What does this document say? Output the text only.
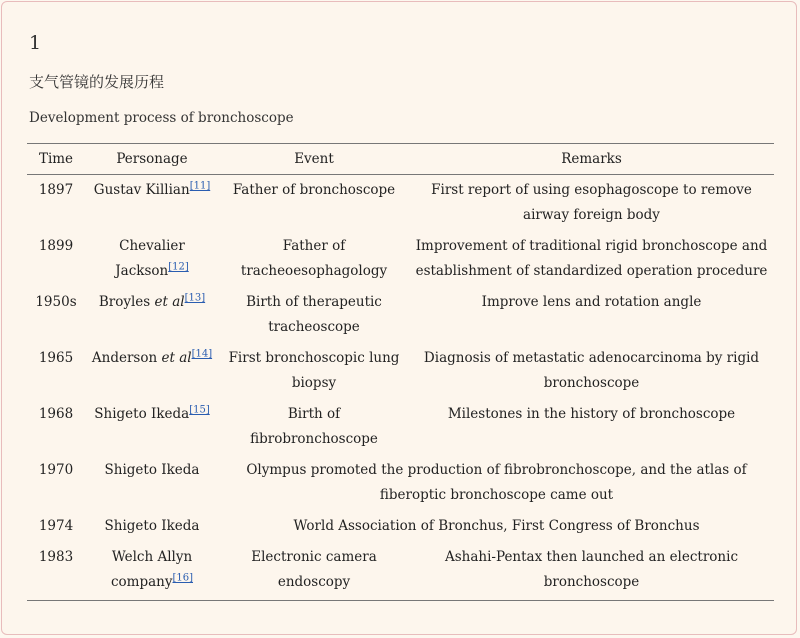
1
支气管镜的发展历程
Development process of bronchoscope
Time	Personage	Event	Remarks
1897	Gustav Killian[11]	Father of bronchoscope	First report of using esophagoscope to remove airway foreign body
1899	Chevalier Jackson[12]	Father of tracheoesophagology	Improvement of traditional rigid bronchoscope and establishment of standardized operation procedure
1950s	Broyles et al[13]	Birth of therapeutic tracheoscope	Improve lens and rotation angle
1965	Anderson et al[14]	First bronchoscopic lung biopsy	Diagnosis of metastatic adenocarcinoma by rigid bronchoscope
1968	Shigeto Ikeda[15]	Birth of fibrobronchoscope	Milestones in the history of bronchoscope
1970	Shigeto Ikeda	Olympus promoted the production of fibrobronchoscope, and the atlas of fiberoptic bronchoscope came out	
1974	Shigeto Ikeda	World Association of Bronchus, First Congress of Bronchus	
1983	Welch Allyn company[16]	Electronic camera endoscopy	Ashahi-Pentax then launched an electronic bronchoscope
